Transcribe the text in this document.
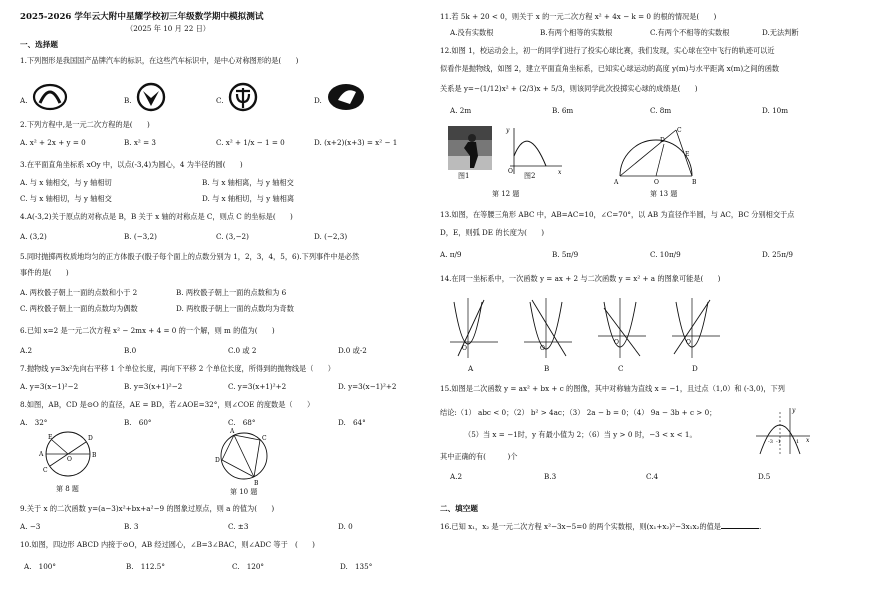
2025-2026 学年云大附中星耀学校初三年级数学期中模拟测试
（2025 年 10 月 22 日）
一、选择题
1.下列图形是我国国产品牌汽车的标识，在这些汽车标识中，是中心对称图形的是(　　)
A.	B.	C.	D.
2.下列方程中,是一元二次方程的是(　　)
A. x² + 2x + y = 0	B. x² = 3	C. x² + 1/x − 1 = 0	D. (x+2)(x+3) = x² − 1
3.在平面直角坐标系 xOy 中，以点(-3,4)为圆心，4 为半径的圆(　　)
A. 与 x 轴相交，与 y 轴相切	B. 与 x 轴相离，与 y 轴相交
C. 与 x 轴相切，与 y 轴相交	D. 与 x 轴相切，与 y 轴相离
4.A(-3,2)关于原点的对称点是 B，B 关于 x 轴的对称点是 C，则点 C 的坐标是(　　)
A. (3,2)	B. (−3,2)	C. (3,−2)	D. (−2,3)
5.同时抛掷两枚质地均匀的正方体骰子(骰子每个面上的点数分别为 1，2，3，4，5，6).下列事件中是必然
事件的是(　　)
A. 两枚骰子朝上一面的点数和小于 2	B. 两枚骰子朝上一面的点数和为 6
C. 两枚骰子朝上一面的点数均为偶数	D. 两枚骰子朝上一面的点数均为奇数
6.已知 x=2 是一元二次方程 x² − 2mx + 4 = 0 的一个解，则 m 的值为(　　)
A.2	B.0	C.0 或 2	D.0 或-2
7.抛物线 y=3x²先向右平移 1 个单位长度，再向下平移 2 个单位长度，所得到的抛物线是（　　）
A. y=3(x−1)²−2	B. y=3(x+1)²−2	C. y=3(x+1)²+2	D. y=3(x−1)²+2
8.如图，AB，CD 是⊙O 的直径，AE = BD，若∠AOE=32°，则∠COE 的度数是（　　）
A.　32°	B.　60°	C.　68°	D.　64°
E
A
C
D
B
O
第 8 题
A
C
B
D
第 10 题
9.关于 x 的二次函数 y=(a−3)x²+bx+a²−9 的图象过原点，则 a 的值为(　　)
A. −3	B. 3	C. ±3	D. 0
10.如图，四边形 ABCD 内接于⊙O，AB 经过圆心，∠B=3∠BAC，则∠ADC 等于　(　　)
A.　100°	B.　112.5°	C.　120°	D.　135°
11.若 5k + 20 < 0，则关于 x 的一元二次方程 x² + 4x − k = 0 的根的情况是(　　)
A.没有实数根	B.有两个相等的实数根	C.有两个不相等的实数根	D.无法判断
12.如图 1，校运动会上，初一的同学们进行了投实心球比赛，我们发现，实心球在空中飞行的轨迹可以近
似看作是抛物线，如图 2，建立平面直角坐标系，已知实心球运动的高度 y(m)与水平距离 x(m)之间的函数
关系是 y=−(1/12)x² + (2/3)x + 5/3，则该同学此次投掷实心球的成绩是(　　)
A. 2m	B. 6m	C. 8m	D. 10m
图1	x
y
O
图2
第 12 题
A	O	B
C
D
E
第 13 题
13.如图，在等腰三角形 ABC 中，AB=AC=10，∠C=70°，以 AB 为直径作半圆，与 AC，BC 分别相交于点
D，E，则弧 DE 的长度为(　　)
A. π/9	B. 5π/9	C. 10π/9	D. 25π/9
14.在同一坐标系中，一次函数 y = ax + 2 与二次函数 y = x² + a 的图象可能是(　　)
O
A
O
B
O
C
O
D
15.如图是二次函数 y = ax² + bx + c 的图像，其中对称轴为直线 x = −1，且过点（1,0）和 (-3,0)，下列
结论:（1） abc < 0；（2） b² > 4ac；（3） 2a − b = 0；（4） 9a − 3b + c > 0；
（5）当 x = −1时，y 有最小值为 2；（6）当 y > 0 时，−3 < x < 1。
其中正确的有(　　　)个
x
y
-3 -1	1
A.2	B.3	C.4	D.5
二、填空题
16.已知 x₁，x₂ 是一元二次方程 x²−3x−5=0 的两个实数根，则(x₁+x₂)²−3x₁x₂的值是	.
